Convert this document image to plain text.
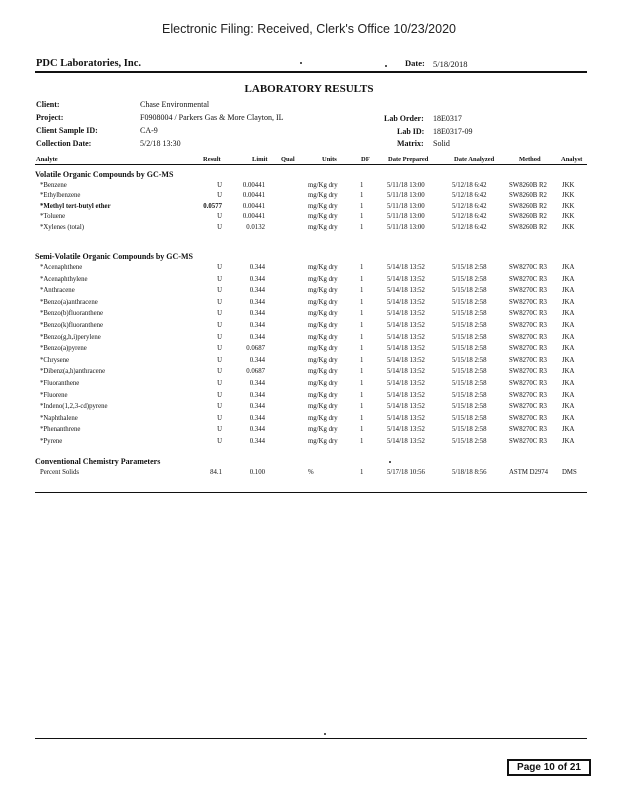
Electronic Filing: Received, Clerk's Office 10/23/2020
PDC Laboratories, Inc.	Date: 5/18/2018
LABORATORY RESULTS
Client:	Chase Environmental
Project:	F0908004 / Parkers Gas & More Clayton, IL
Client Sample ID:	CA-9
Collection Date:	5/2/18 13:30
Lab Order: 18E0317
Lab ID: 18E0317-09
Matrix: Solid
Analyte	Result	Limit Qual	Units	DF	Date Prepared	Date Analyzed	Method	Analyst
Volatile Organic Compounds by GC-MS
*Benzene	U	0.00441	mg/Kg dry	1	5/11/18 13:00	5/12/18 6:42	SW8260B R2 JKK
*Ethylbenzene	U	0.00441	mg/Kg dry	1	5/11/18 13:00	5/12/18 6:42	SW8260B R2 JKK
*Methyl tert-butyl ether	0.0577	0.00441	mg/Kg dry	1	5/11/18 13:00	5/12/18 6:42	SW8260B R2 JKK
*Toluene	U	0.00441	mg/Kg dry	1	5/11/18 13:00	5/12/18 6:42	SW8260B R2 JKK
*Xylenes (total)	U	0.0132	mg/Kg dry	1	5/11/18 13:00	5/12/18 6:42	SW8260B R2 JKK
Semi-Volatile Organic Compounds by GC-MS
*Acenaphthene	U	0.344	mg/Kg dry	1	5/14/18 13:52	5/15/18 2:58	SW8270C R3 JKA
*Acenaphthylene	U	0.344	mg/Kg dry	1	5/14/18 13:52	5/15/18 2:58	SW8270C R3 JKA
*Anthracene	U	0.344	mg/Kg dry	1	5/14/18 13:52	5/15/18 2:58	SW8270C R3 JKA
*Benzo(a)anthracene	U	0.344	mg/Kg dry	1	5/14/18 13:52	5/15/18 2:58	SW8270C R3 JKA
*Benzo(b)fluoranthene	U	0.344	mg/Kg dry	1	5/14/18 13:52	5/15/18 2:58	SW8270C R3 JKA
*Benzo(k)fluoranthene	U	0.344	mg/Kg dry	1	5/14/18 13:52	5/15/18 2:58	SW8270C R3 JKA
*Benzo(g,h,i)perylene	U	0.344	mg/Kg dry	1	5/14/18 13:52	5/15/18 2:58	SW8270C R3 JKA
*Benzo(a)pyrene	U	0.0687	mg/Kg dry	1	5/14/18 13:52	5/15/18 2:58	SW8270C R3 JKA
*Chrysene	U	0.344	mg/Kg dry	1	5/14/18 13:52	5/15/18 2:58	SW8270C R3 JKA
*Dibenz(a,h)anthracene	U	0.0687	mg/Kg dry	1	5/14/18 13:52	5/15/18 2:58	SW8270C R3 JKA
*Fluoranthene	U	0.344	mg/Kg dry	1	5/14/18 13:52	5/15/18 2:58	SW8270C R3 JKA
*Fluorene	U	0.344	mg/Kg dry	1	5/14/18 13:52	5/15/18 2:58	SW8270C R3 JKA
*Indeno(1,2,3-cd)pyrene	U	0.344	mg/Kg dry	1	5/14/18 13:52	5/15/18 2:58	SW8270C R3 JKA
*Naphthalene	U	0.344	mg/Kg dry	1	5/14/18 13:52	5/15/18 2:58	SW8270C R3 JKA
*Phenanthrene	U	0.344	mg/Kg dry	1	5/14/18 13:52	5/15/18 2:58	SW8270C R3 JKA
*Pyrene	U	0.344	mg/Kg dry	1	5/14/18 13:52	5/15/18 2:58	SW8270C R3 JKA
Conventional Chemistry Parameters
Percent Solids	84.1	0.100	%	1	5/17/18 10:56	5/18/18 8:56	ASTM D2974 DMS
Page 10 of 21
